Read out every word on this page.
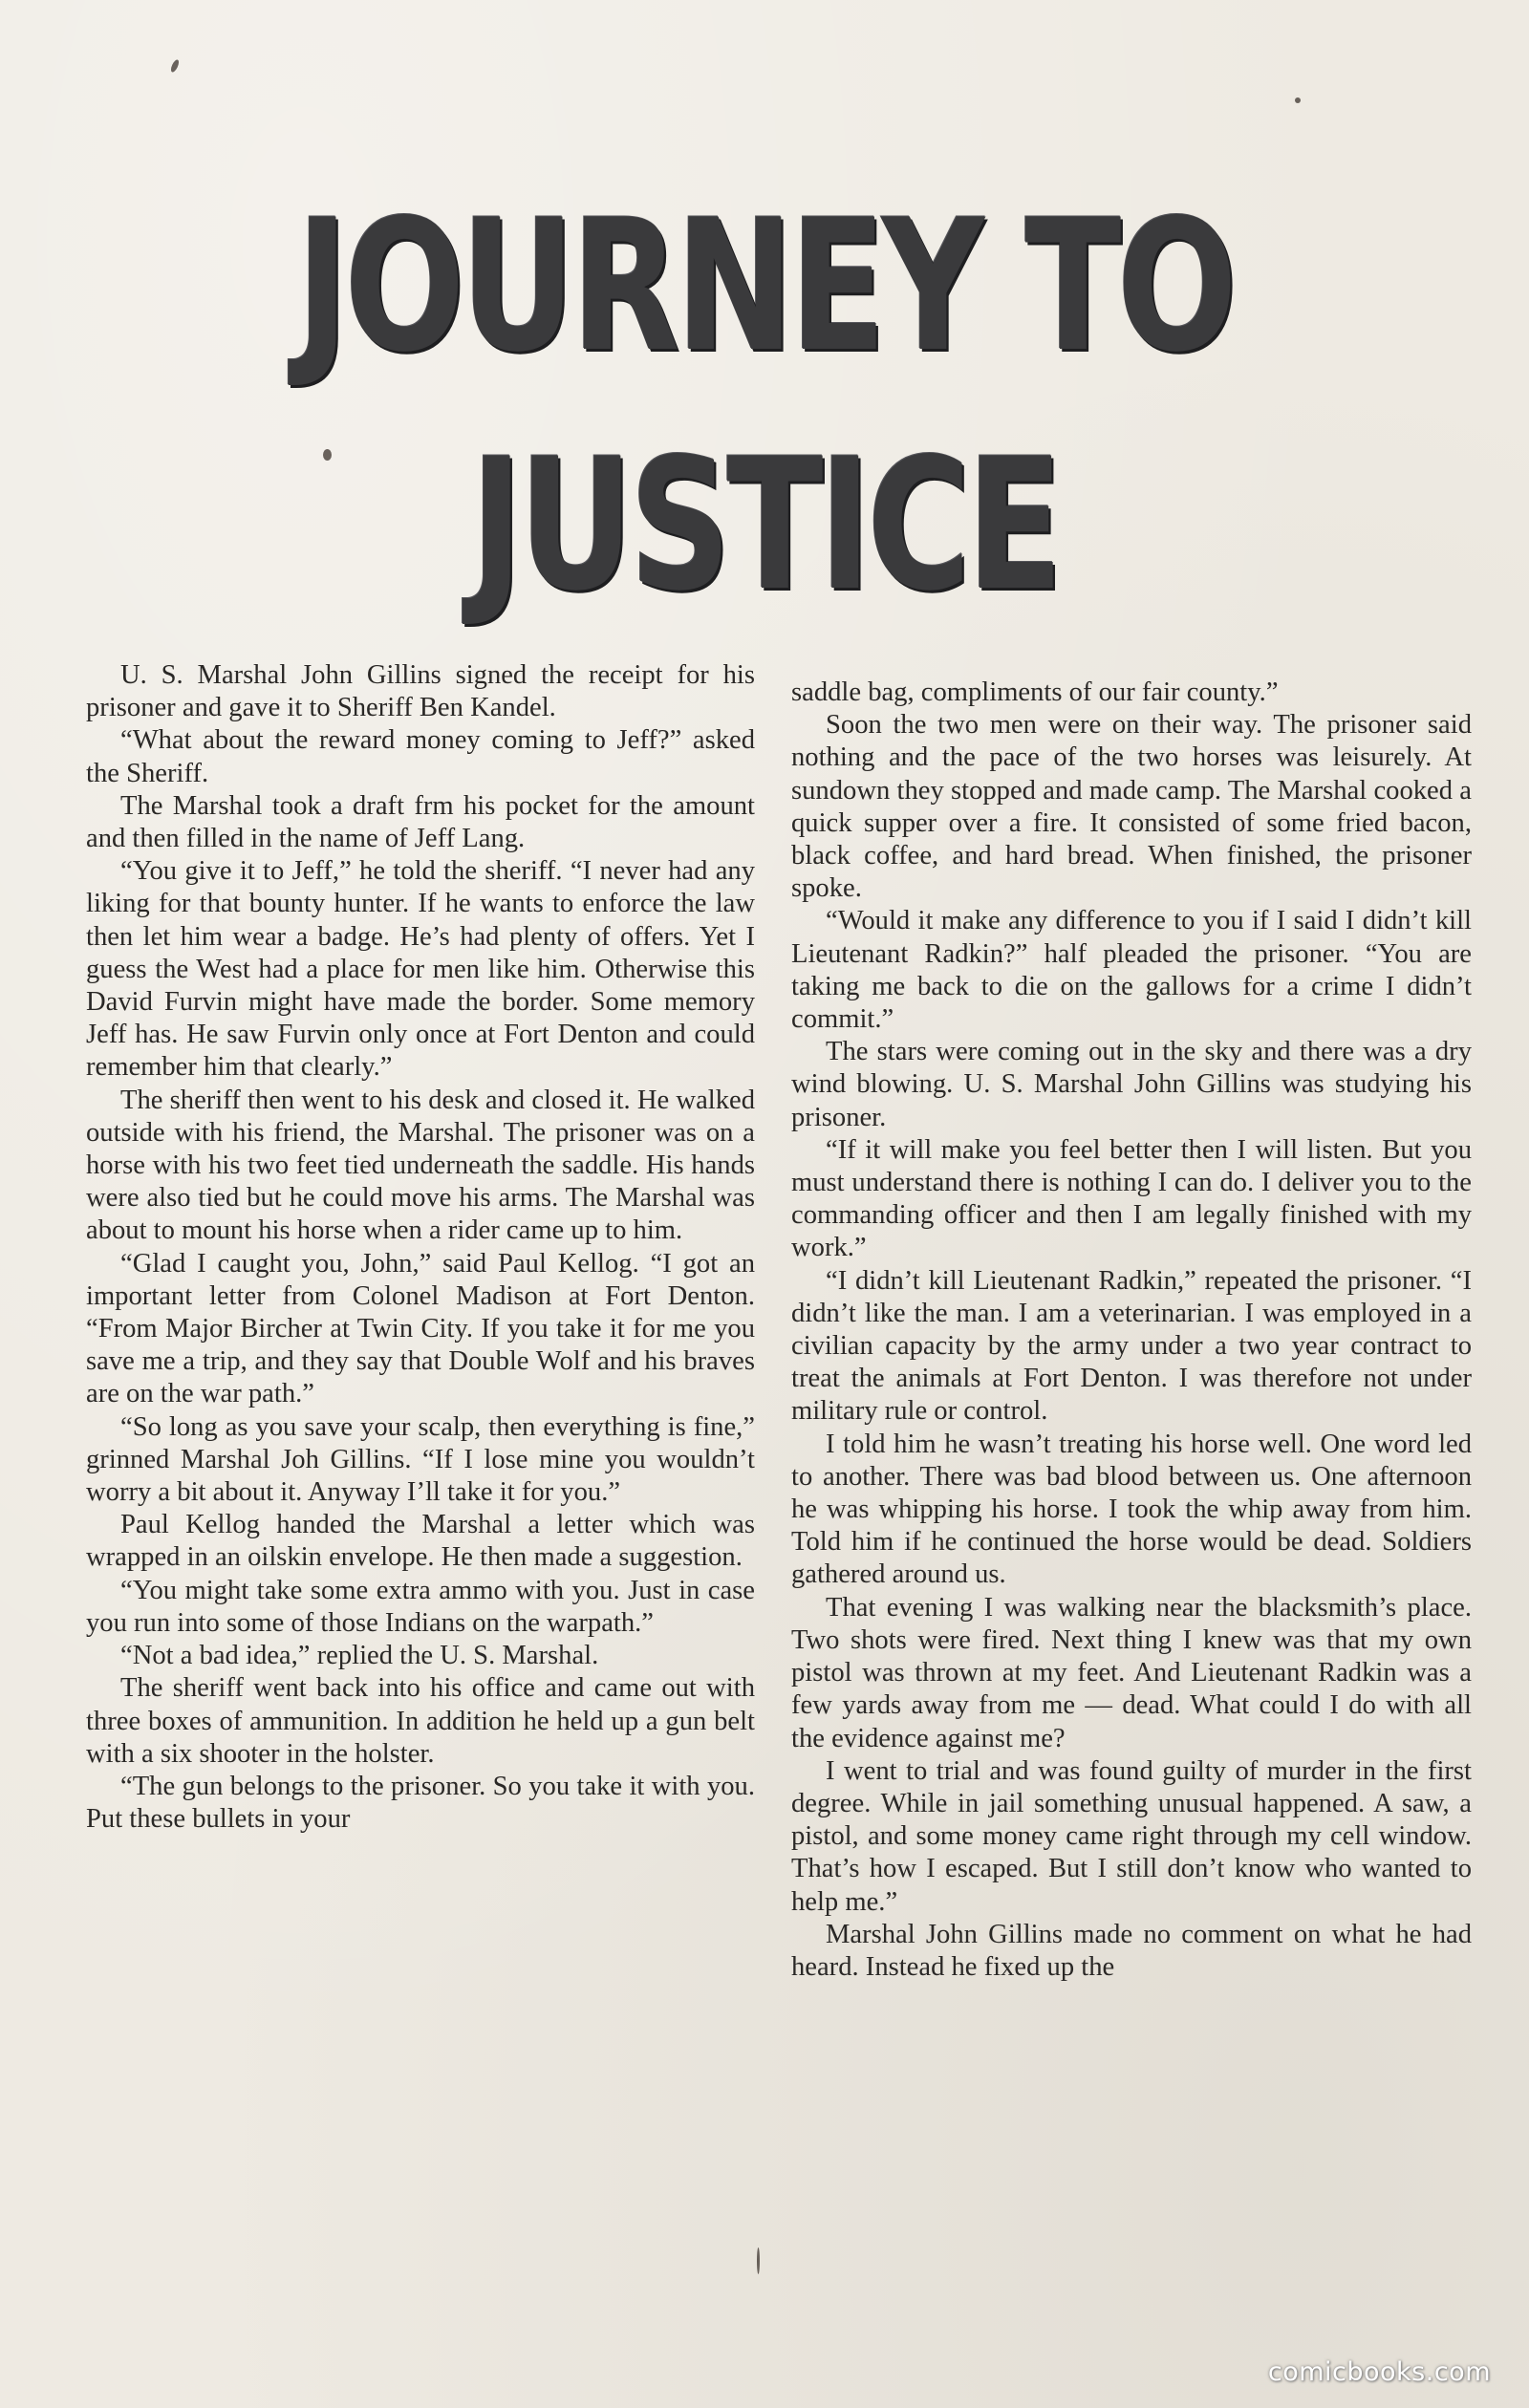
JOURNEY TO
JUSTICE

U. S. Marshal John Gillins signed the receipt for his prisoner and gave it to Sheriff Ben Kandel.

“What about the reward money coming to Jeff?” asked the Sheriff.

The Marshal took a draft frm his pocket for the amount and then filled in the name of Jeff Lang.

“You give it to Jeff,” he told the sheriff. “I never had any liking for that bounty hunter. If he wants to enforce the law then let him wear a badge. He’s had plenty of offers. Yet I guess the West had a place for men like him. Otherwise this David Furvin might have made the border. Some memory Jeff has. He saw Furvin only once at Fort Denton and could remember him that clearly.”

The sheriff then went to his desk and closed it. He walked outside with his friend, the Marshal. The prisoner was on a horse with his two feet tied underneath the saddle. His hands were also tied but he could move his arms. The Marshal was about to mount his horse when a rider came up to him.

“Glad I caught you, John,” said Paul Kellog. “I got an important letter from Colonel Madison at Fort Denton. “From Major Bircher at Twin City. If you take it for me you save me a trip, and they say that Double Wolf and his braves are on the war path.”

“So long as you save your scalp, then everything is fine,” grinned Marshal Joh Gillins. “If I lose mine you wouldn’t worry a bit about it. Anyway I’ll take it for you.”

Paul Kellog handed the Marshal a letter which was wrapped in an oilskin envelope. He then made a suggestion.

“You might take some extra ammo with you. Just in case you run into some of those Indians on the warpath.”

“Not a bad idea,” replied the U. S. Marshal.

The sheriff went back into his office and came out with three boxes of ammunition. In addition he held up a gun belt with a six shooter in the holster.

“The gun belongs to the prisoner. So you take it with you. Put these bullets in your

saddle bag, compliments of our fair county.”

Soon the two men were on their way. The prisoner said nothing and the pace of the two horses was leisurely. At sundown they stopped and made camp. The Marshal cooked a quick supper over a fire. It consisted of some fried bacon, black coffee, and hard bread. When finished, the prisoner spoke.

“Would it make any difference to you if I said I didn’t kill Lieutenant Radkin?” half pleaded the prisoner. “You are taking me back to die on the gallows for a crime I didn’t commit.”

The stars were coming out in the sky and there was a dry wind blowing. U. S. Marshal John Gillins was studying his prisoner.

“If it will make you feel better then I will listen. But you must understand there is nothing I can do. I deliver you to the commanding officer and then I am legally finished with my work.”

“I didn’t kill Lieutenant Radkin,” repeated the prisoner. “I didn’t like the man. I am a veterinarian. I was employed in a civilian capacity by the army under a two year contract to treat the animals at Fort Denton. I was therefore not under military rule or control.

I told him he wasn’t treating his horse well. One word led to another. There was bad blood between us. One afternoon he was whipping his horse. I took the whip away from him. Told him if he continued the horse would be dead. Soldiers gathered around us.

That evening I was walking near the blacksmith’s place. Two shots were fired. Next thing I knew was that my own pistol was thrown at my feet. And Lieutenant Radkin was a few yards away from me — dead. What could I do with all the evidence against me?

I went to trial and was found guilty of murder in the first degree. While in jail something unusual happened. A saw, a pistol, and some money came right through my cell window. That’s how I escaped. But I still don’t know who wanted to help me.”

Marshal John Gillins made no comment on what he had heard. Instead he fixed up the

comicbooks.com
